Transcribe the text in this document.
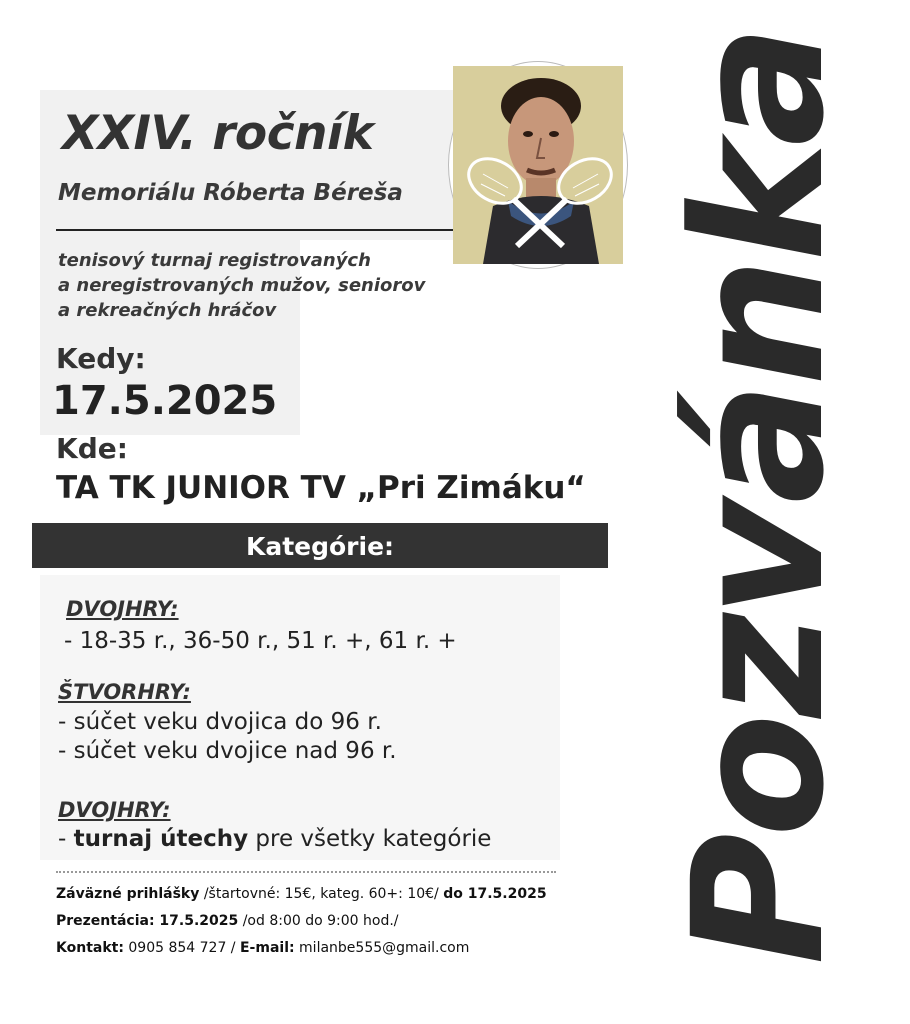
Pozvánka
XXIV. ročník
Memoriálu Róberta Béreša
tenisový turnaj registrovaných
a neregistrovaných mužov, seniorov
a rekreačných hráčov
Kedy:
17.5.2025
Kde:
TA TK JUNIOR TV „Pri Zimáku“
Kategórie:
DVOJHRY:
- 18-35 r., 36-50 r., 51 r. +, 61 r. +
ŠTVORHRY:
- súčet veku dvojica do 96 r.
- súčet veku dvojice nad 96 r.
DVOJHRY:
- turnaj útechy pre všetky kategórie
Záväzné prihlášky /štartovné: 15€, kateg. 60+: 10€/ do 17.5.2025
Prezentácia: 17.5.2025 /od 8:00 do 9:00 hod./
Kontakt: 0905 854 727 / E-mail: milanbe555@gmail.com
